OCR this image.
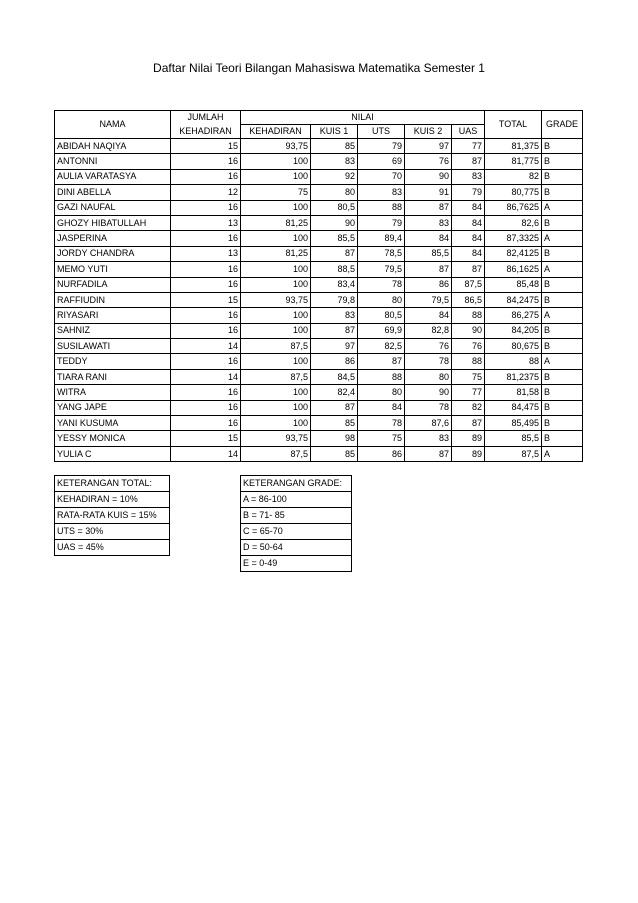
Daftar Nilai Teori Bilangan Mahasiswa Matematika Semester 1
NAMA	JUMLAH	NILAI					TOTAL	GRADE
	KEHADIRAN	KEHADIRAN	KUIS 1	UTS	KUIS 2	UAS		
ABIDAH NAQIYA	15	93,75	85	79	97	77	81,375	B
ANTONNI	16	100	83	69	76	87	81,775	B
AULIA VARATASYA	16	100	92	70	90	83	82	B
DINI ABELLA	12	75	80	83	91	79	80,775	B
GAZI NAUFAL	16	100	80,5	88	87	84	86,7625	A
GHOZY HIBATULLAH	13	81,25	90	79	83	84	82,6	B
JASPERINA	16	100	85,5	89,4	84	84	87,3325	A
JORDY CHANDRA	13	81,25	87	78,5	85,5	84	82,4125	B
MEMO YUTI	16	100	88,5	79,5	87	87	86,1625	A
NURFADILA	16	100	83,4	78	86	87,5	85,48	B
RAFFIUDIN	15	93,75	79,8	80	79,5	86,5	84,2475	B
RIYASARI	16	100	83	80,5	84	88	86,275	A
SAHNIZ	16	100	87	69,9	82,8	90	84,205	B
SUSILAWATI	14	87,5	97	82,5	76	76	80,675	B
TEDDY	16	100	86	87	78	88	88	A
TIARA RANI	14	87,5	84,5	88	80	75	81,2375	B
WITRA	16	100	82,4	80	90	77	81,58	B
YANG JAPE	16	100	87	84	78	82	84,475	B
YANI KUSUMA	16	100	85	78	87,6	87	85,495	B
YESSY MONICA	15	93,75	98	75	83	89	85,5	B
YULIA C	14	87,5	85	86	87	89	87,5	A
KETERANGAN TOTAL:
KEHADIRAN = 10%
RATA-RATA KUIS = 15%
UTS = 30%
UAS = 45%
KETERANGAN GRADE:
A = 86-100
B = 71- 85
C = 65-70
D = 50-64
E = 0-49
